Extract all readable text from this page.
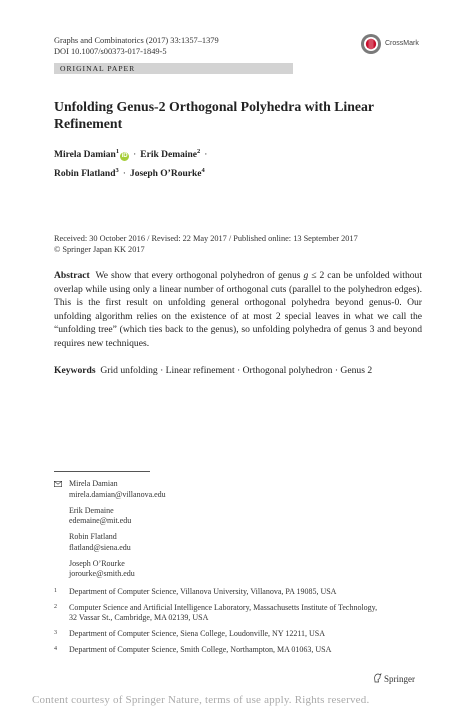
Graphs and Combinatorics (2017) 33:1357–1379
DOI 10.1007/s00373-017-1849-5
CrossMark
ORIGINAL PAPER
Unfolding Genus-2 Orthogonal Polyhedra with Linear
Refinement
Mirela Damian$^1$iD · Erik Demaine$^2$ ·
Robin Flatland$^3$ · Joseph O’Rourke$^4$
Received: 30 October 2016 / Revised: 22 May 2017 / Published online: 13 September 2017
© Springer Japan KK 2017
Abstract We show that every orthogonal polyhedron of genus g ≤ 2 can be unfolded without overlap while using only a linear number of orthogonal cuts (parallel to the polyhedron edges). This is the first result on unfolding general orthogonal polyhedra beyond genus-0. Our unfolding algorithm relies on the existence of at most 2 special leaves in what we call the “unfolding tree” (which ties back to the genus), so unfolding polyhedra of genus 3 and beyond requires new techniques.
Keywords Grid unfolding · Linear refinement · Orthogonal polyhedron · Genus 2
Mirela Damian
mirela.damian@villanova.edu
Erik Demaine
edemaine@mit.edu
Robin Flatland
flatland@siena.edu
Joseph O’Rourke
jorourke@smith.edu
1 Department of Computer Science, Villanova University, Villanova, PA 19085, USA
2 Computer Science and Artificial Intelligence Laboratory, Massachusetts Institute of Technology,
32 Vassar St., Cambridge, MA 02139, USA
3 Department of Computer Science, Siena College, Loudonville, NY 12211, USA
4 Department of Computer Science, Smith College, Northampton, MA 01063, USA
Springer
Content courtesy of Springer Nature, terms of use apply. Rights reserved.
